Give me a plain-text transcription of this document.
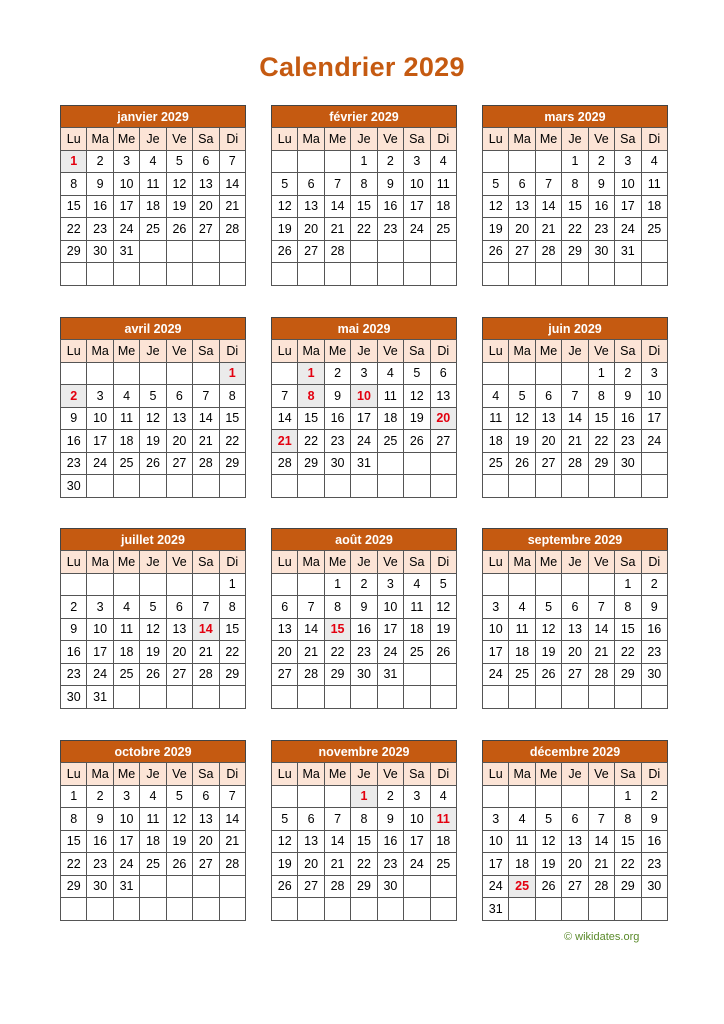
Calendrier 2029
janvier 2029
Lu	Ma	Me	Je	Ve	Sa	Di
1	2	3	4	5	6	7
8	9	10	11	12	13	14
15	16	17	18	19	20	21
22	23	24	25	26	27	28
29	30	31				

février 2029
Lu	Ma	Me	Je	Ve	Sa	Di
			1	2	3	4
5	6	7	8	9	10	11
12	13	14	15	16	17	18
19	20	21	22	23	24	25
26	27	28				

mars 2029
Lu	Ma	Me	Je	Ve	Sa	Di
			1	2	3	4
5	6	7	8	9	10	11
12	13	14	15	16	17	18
19	20	21	22	23	24	25
26	27	28	29	30	31	

avril 2029
Lu	Ma	Me	Je	Ve	Sa	Di
						1
2	3	4	5	6	7	8
9	10	11	12	13	14	15
16	17	18	19	20	21	22
23	24	25	26	27	28	29
30						
mai 2029
Lu	Ma	Me	Je	Ve	Sa	Di
	1	2	3	4	5	6
7	8	9	10	11	12	13
14	15	16	17	18	19	20
21	22	23	24	25	26	27
28	29	30	31			

juin 2029
Lu	Ma	Me	Je	Ve	Sa	Di
				1	2	3
4	5	6	7	8	9	10
11	12	13	14	15	16	17
18	19	20	21	22	23	24
25	26	27	28	29	30	

juillet 2029
Lu	Ma	Me	Je	Ve	Sa	Di
						1
2	3	4	5	6	7	8
9	10	11	12	13	14	15
16	17	18	19	20	21	22
23	24	25	26	27	28	29
30	31					
août 2029
Lu	Ma	Me	Je	Ve	Sa	Di
		1	2	3	4	5
6	7	8	9	10	11	12
13	14	15	16	17	18	19
20	21	22	23	24	25	26
27	28	29	30	31		

septembre 2029
Lu	Ma	Me	Je	Ve	Sa	Di
					1	2
3	4	5	6	7	8	9
10	11	12	13	14	15	16
17	18	19	20	21	22	23
24	25	26	27	28	29	30

octobre 2029
Lu	Ma	Me	Je	Ve	Sa	Di
1	2	3	4	5	6	7
8	9	10	11	12	13	14
15	16	17	18	19	20	21
22	23	24	25	26	27	28
29	30	31				

novembre 2029
Lu	Ma	Me	Je	Ve	Sa	Di
			1	2	3	4
5	6	7	8	9	10	11
12	13	14	15	16	17	18
19	20	21	22	23	24	25
26	27	28	29	30		

décembre 2029
Lu	Ma	Me	Je	Ve	Sa	Di
					1	2
3	4	5	6	7	8	9
10	11	12	13	14	15	16
17	18	19	20	21	22	23
24	25	26	27	28	29	30
31						
© wikidates.org
